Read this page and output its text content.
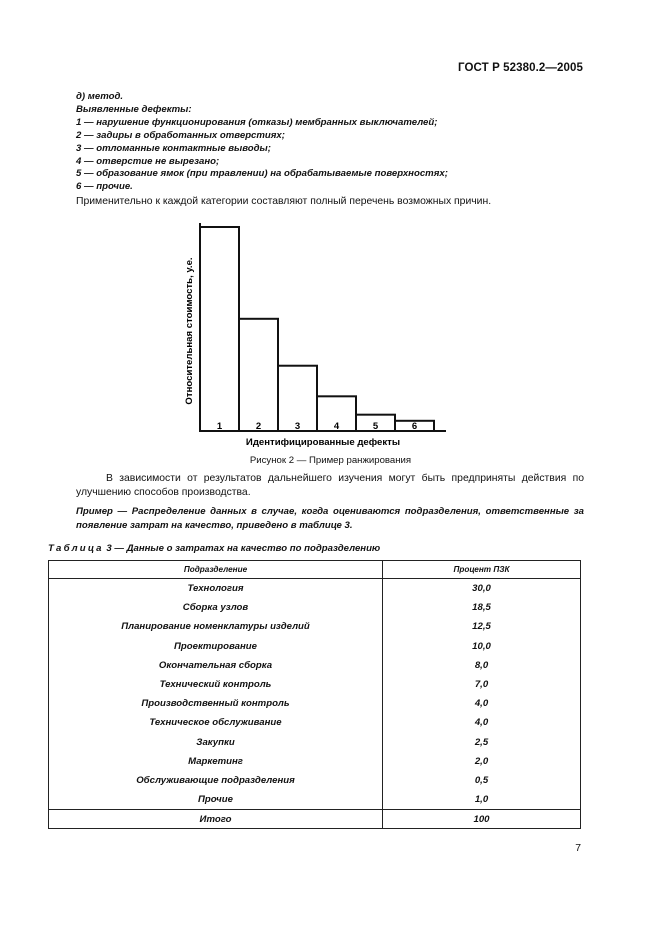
ГОСТ Р 52380.2—2005
д) метод.
Выявленные дефекты:
1 — нарушение функционирования (отказы) мембранных выключателей;
2 — задиры в обработанных отверстиях;
3 — отломанные контактные выводы;
4 — отверстие не вырезано;
5 — образование ямок (при травлении) на обрабатываемые поверхностях;
6 — прочие.
Применительно к каждой категории составляют полный перечень возможных причин.
1	2	3	4	5	6
Идентифицированные дефекты
Относительная стоимость, у.е.
Рисунок 2 — Пример ранжирования
В зависимости от результатов дальнейшего изучения могут быть предприняты действия по улучшению способов производства.
Пример — Распределение данных в случае, когда оцениваются подразделения, ответственные за появление затрат на качество, приведено в таблице 3.
Таблица 3 — Данные о затратах на качество по подразделению
Подразделение	Процент ПЗК
Технология	30,0
Сборка узлов	18,5
Планирование номенклатуры изделий	12,5
Проектирование	10,0
Окончательная сборка	8,0
Технический контроль	7,0
Производственный контроль	4,0
Техническое обслуживание	4,0
Закупки	2,5
Маркетинг	2,0
Обслуживающие подразделения	0,5
Прочие	1,0
Итого	100
7
